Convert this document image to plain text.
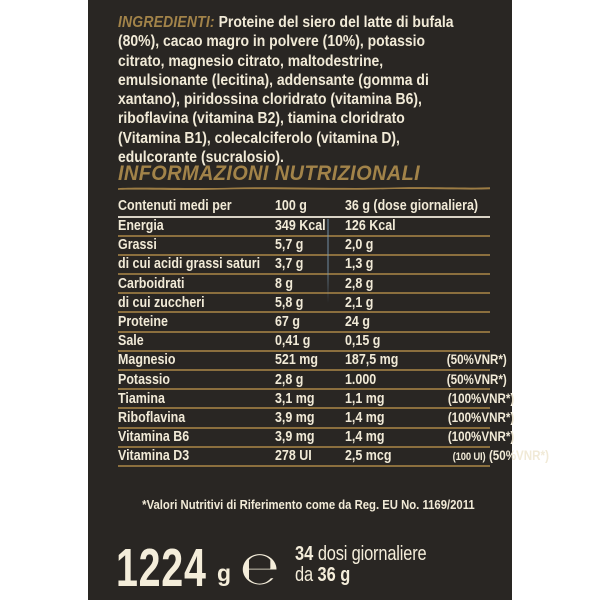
INGREDIENTI: Proteine del siero del latte di bufala
(80%), cacao magro in polvere (10%), potassio
citrato, magnesio citrato, maltodestrine,
emulsionante (lecitina), addensante (gomma di
xantano), piridossina cloridrato (vitamina B6),
riboflavina (vitamina B2), tiamina cloridrato
(Vitamina B1), colecalciferolo (vitamina D),
edulcorante (sucralosio).
INFORMAZIONI NUTRIZIONALI
Contenuti medi per	100 g	36 g (dose giornaliera)
Energia	349 Kcal	126 Kcal
Grassi	5,7 g	2,0 g
di cui acidi grassi saturi	3,7 g	1,3 g
Carboidrati	8 g	2,8 g
di cui zuccheri	5,8 g	2,1 g
Proteine	67 g	24 g
Sale	0,41 g	0,15 g
Magnesio	521 mg	187,5 mg	(50%VNR*)
Potassio	2,8 g	1.000	(50%VNR*)
Tiamina	3,1 mg	1,1 mg	(100%VNR*)
Riboflavina	3,9 mg	1,4 mg	(100%VNR*)
Vitamina B6	3,9 mg	1,4 mg	(100%VNR*)
Vitamina D3	278 UI	2,5 mcg	(100 UI) (50%VNR*)
*Valori Nutritivi di Riferimento come da Reg. EU No. 1169/2011
1224 g ℮ 34 dosi giornaliere
da 36 g
